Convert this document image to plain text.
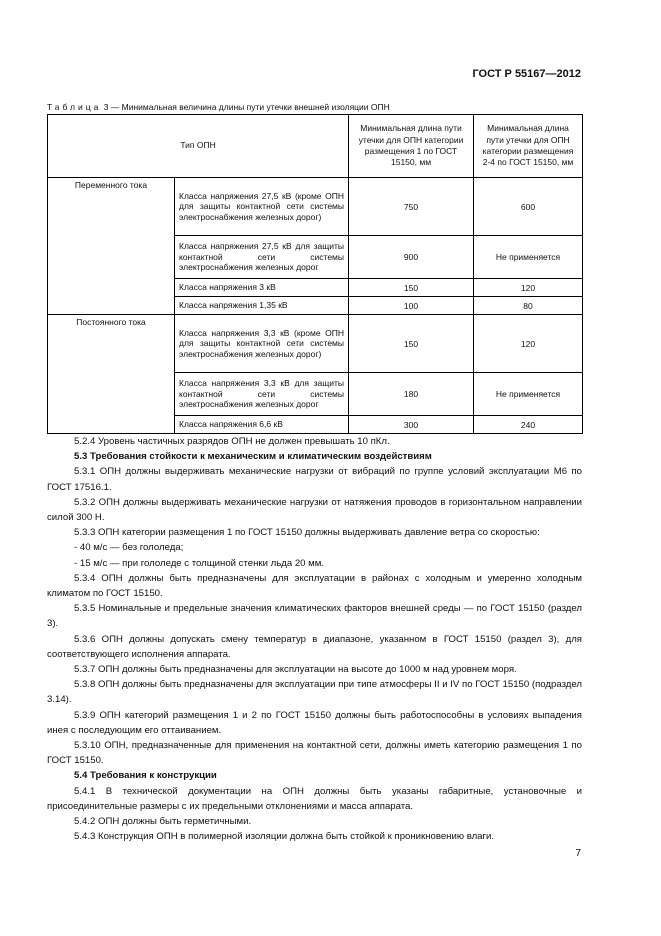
ГОСТ Р 55167—2012
Таблица 3 — Минимальная величина длины пути утечки внешней изоляции ОПН
Тип ОПН		Минимальная длина пути утечки для ОПН категории размещения 1 по ГОСТ 15150, мм	Минимальная длина пути утечки для ОПН категории размещения 2-4 по ГОСТ 15150, мм
Переменного тока	Класса напряжения 27,5 кВ (кроме ОПН для защиты контактной сети системы электроснабжения железных дорог)	750	600
	Класса напряжения 27,5 кВ для защиты контактной сети системы электроснабжения железных дорог	900	Не применяется
	Класса напряжения 3 кВ	150	120
	Класса напряжения 1,35 кВ	100	80
Постоянного тока	Класса напряжения 3,3 кВ (кроме ОПН для защиты контактной сети системы электроснабжения железных дорог)	150	120
	Класса напряжения 3,3 кВ для защиты контактной сети системы электроснабжения железных дорог	180	Не применяется
	Класса напряжения 6,6 кВ	300	240

5.2.4 Уровень частичных разрядов ОПН не должен превышать 10 пКл.

5.3 Требования стойкости к механическим и климатическим воздействиям

5.3.1 ОПН должны выдерживать механические нагрузки от вибраций по группе условий эксплуатации М6 по ГОСТ 17516.1.

5.3.2 ОПН должны выдерживать механические нагрузки от натяжения проводов в горизонтальном направлении силой 300 Н.

5.3.3 ОПН категории размещения 1 по ГОСТ 15150 должны выдерживать давление ветра со скоростью:

- 40 м/с — без гололеда;

- 15 м/с — при гололеде с толщиной стенки льда 20 мм.

5.3.4 ОПН должны быть предназначены для эксплуатации в районах с холодным и умеренно холодным климатом по ГОСТ 15150.

5.3.5 Номинальные и предельные значения климатических факторов внешней среды — по ГОСТ 15150 (раздел 3).

5.3.6 ОПН должны допускать смену температур в диапазоне, указанном в ГОСТ 15150 (раздел 3), для соответствующего исполнения аппарата.

5.3.7 ОПН должны быть предназначены для эксплуатации на высоте до 1000 м над уровнем моря.

5.3.8 ОПН должны быть предназначены для эксплуатации при типе атмосферы II и IV по ГОСТ 15150 (подраздел 3.14).

5.3.9 ОПН категорий размещения 1 и 2 по ГОСТ 15150 должны быть работоспособны в условиях выпадения инея с последующим его оттаиванием.

5.3.10 ОПН, предназначенные для применения на контактной сети, должны иметь категорию размещения 1 по ГОСТ 15150.

5.4 Требования к конструкции

5.4.1 В технической документации на ОПН должны быть указаны габаритные, установочные и присоединительные размеры с их предельными отклонениями и масса аппарата.

5.4.2 ОПН должны быть герметичными.

5.4.3 Конструкция ОПН в полимерной изоляции должна быть стойкой к проникновению влаги.

7
